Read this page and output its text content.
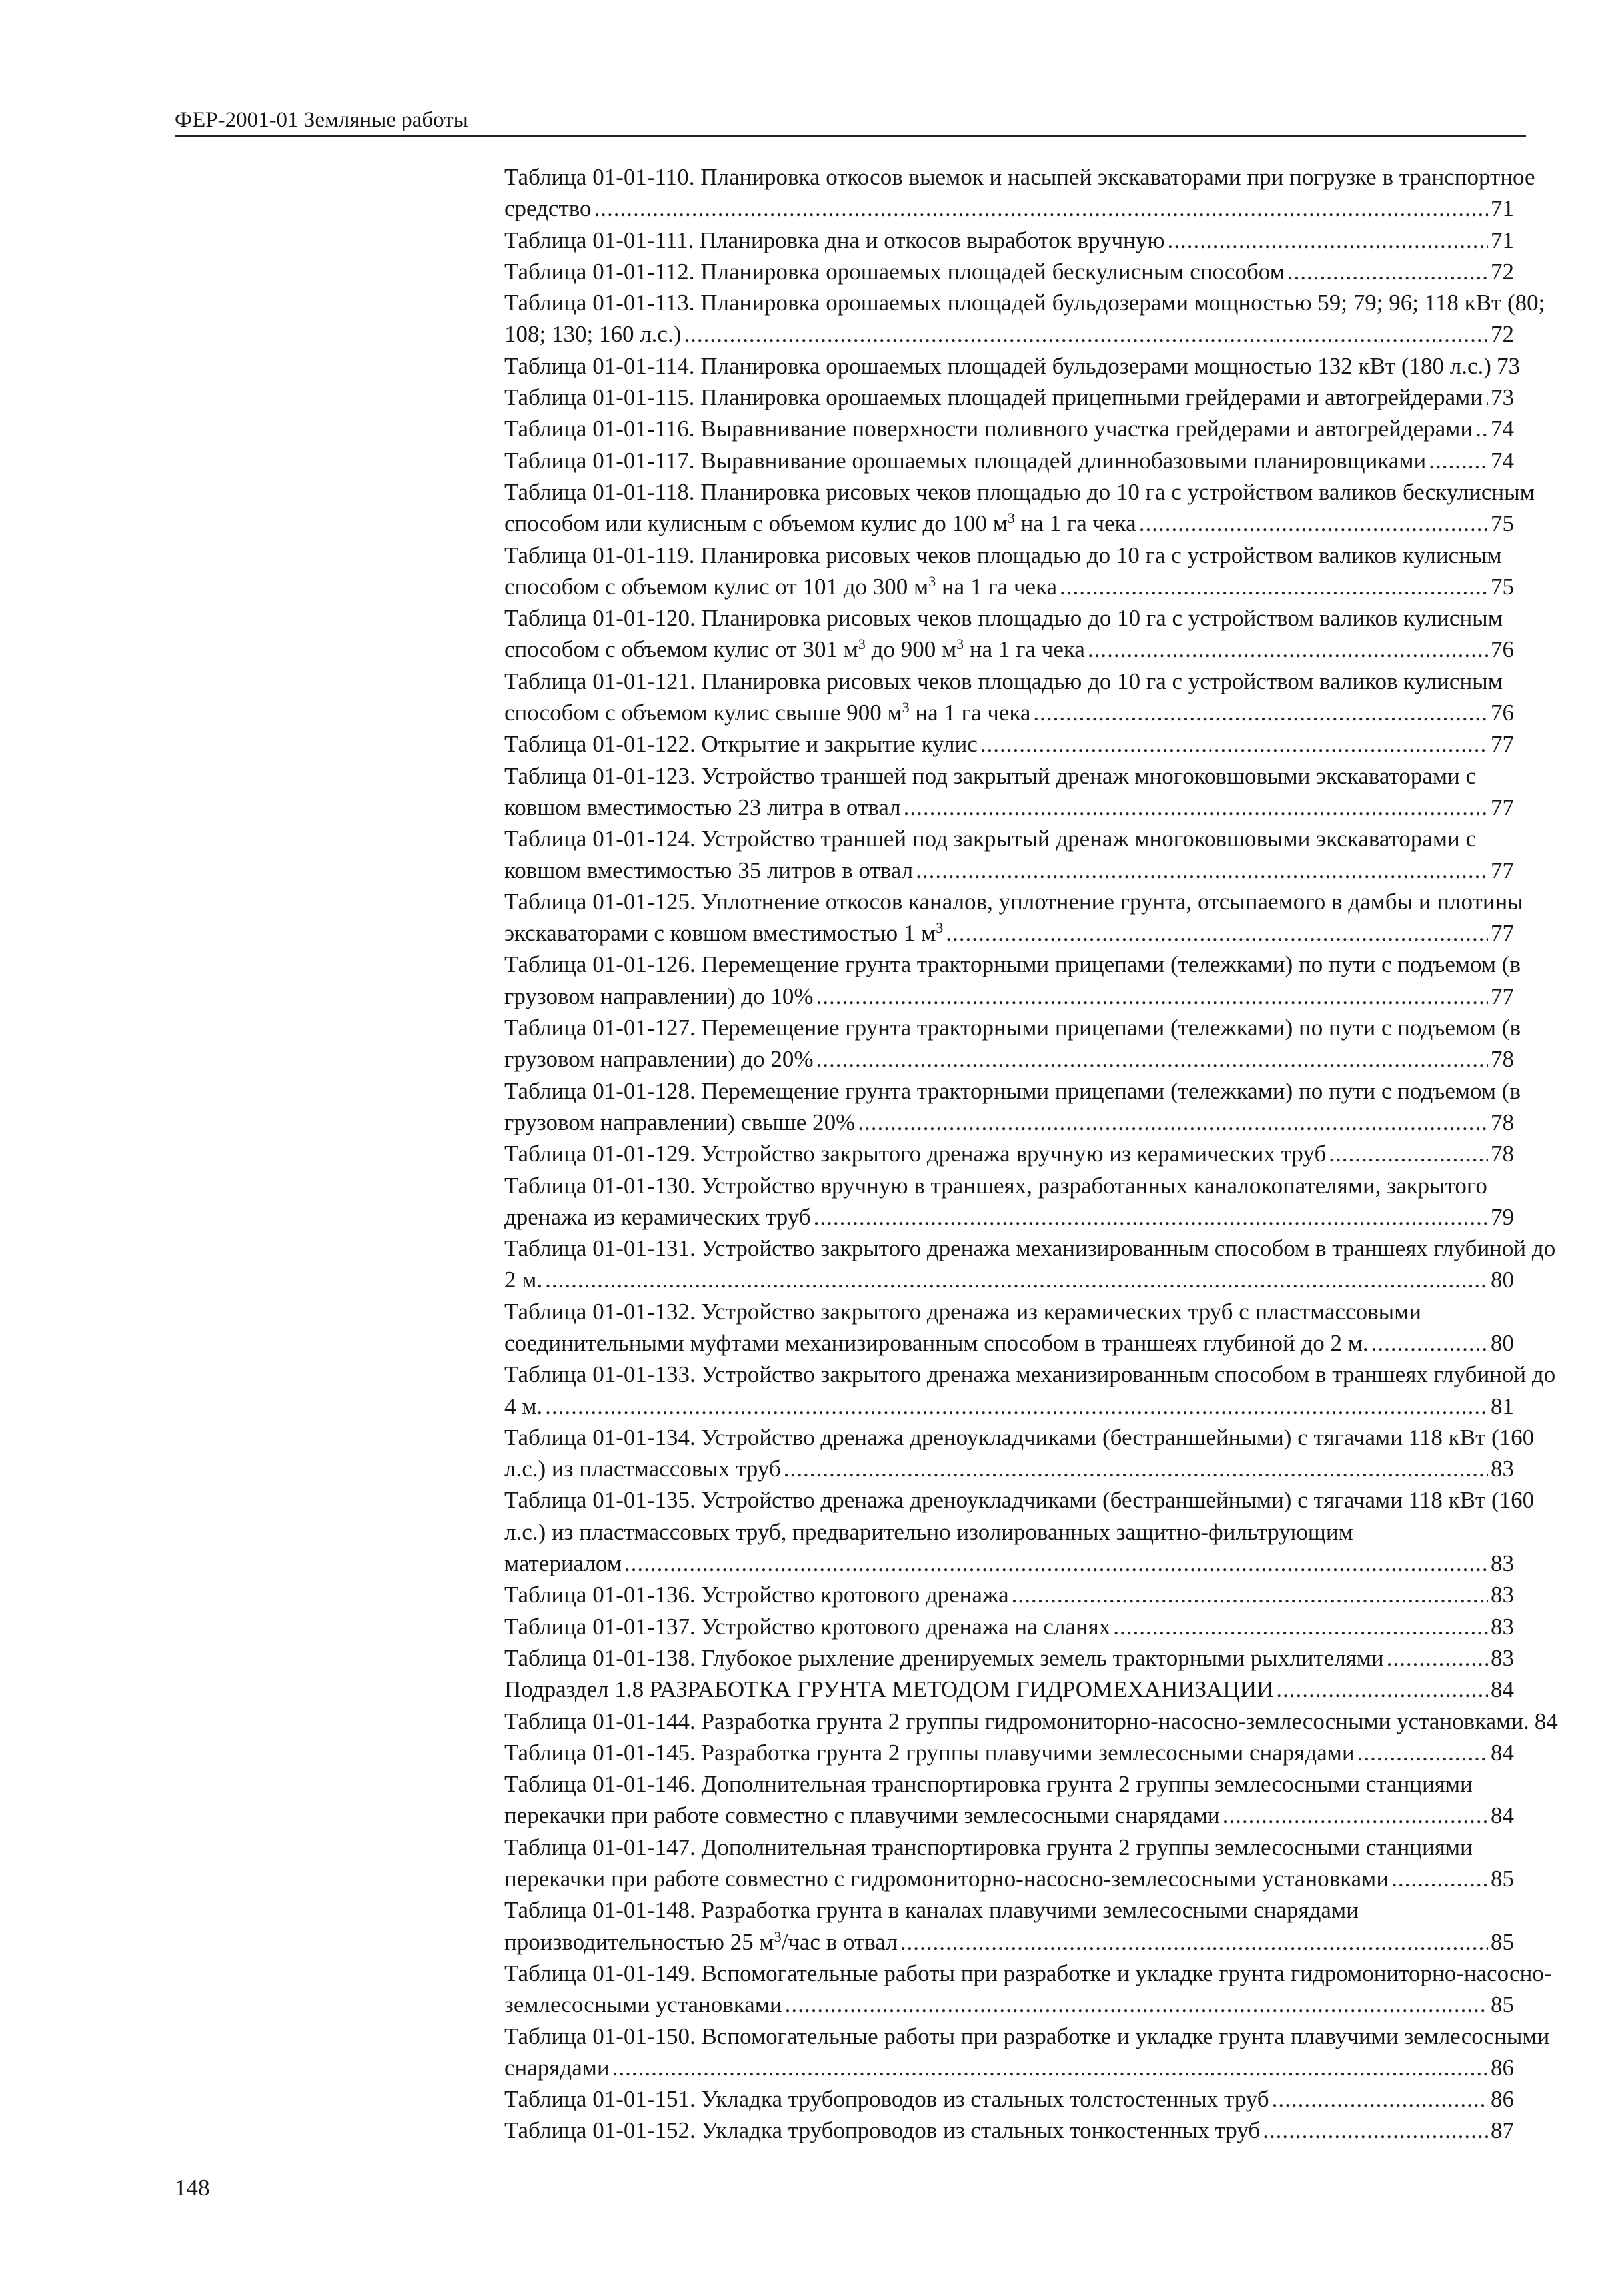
ФЕР-2001-01 Земляные работы
Таблица 01-01-110. Планировка откосов выемок и насыпей экскаваторами при погрузке в транспортное
средство .....	71
Таблица 01-01-111. Планировка дна и откосов выработок вручную .....	71
Таблица 01-01-112. Планировка орошаемых площадей бескулисным способом .....	72
Таблица 01-01-113. Планировка орошаемых площадей бульдозерами мощностью 59; 79; 96; 118 кВт (80;
108; 130; 160 л.с.) .....	72
Таблица 01-01-114. Планировка орошаемых площадей бульдозерами мощностью 132 кВт (180 л.с.) 73
Таблица 01-01-115. Планировка орошаемых площадей прицепными грейдерами и автогрейдерами ..... 73
Таблица 01-01-116. Выравнивание поверхности поливного участка грейдерами и автогрейдерами ..... 74
Таблица 01-01-117. Выравнивание орошаемых площадей длиннобазовыми планировщиками .....	74
Таблица 01-01-118. Планировка рисовых чеков площадью до 10 га с устройством валиков бескулисным
способом или кулисным с объемом кулис до 100 $м^3$ на 1 га чека .....	75
Таблица 01-01-119. Планировка рисовых чеков площадью до 10 га с устройством валиков кулисным
способом с объемом кулис от 101 до 300 $м^3$ на 1 га чека .....	75
Таблица 01-01-120. Планировка рисовых чеков площадью до 10 га с устройством валиков кулисным
способом с объемом кулис от 301 $м^3$ до 900 $м^3$ на 1 га чека .....	76
Таблица 01-01-121. Планировка рисовых чеков площадью до 10 га с устройством валиков кулисным
способом с объемом кулис свыше 900 $м^3$ на 1 га чека .....	76
Таблица 01-01-122. Открытие и закрытие кулис .....	77
Таблица 01-01-123. Устройство траншей под закрытый дренаж многоковшовыми экскаваторами с
ковшом вместимостью 23 литра в отвал .....	77
Таблица 01-01-124. Устройство траншей под закрытый дренаж многоковшовыми экскаваторами с
ковшом вместимостью 35 литров в отвал .....	77
Таблица 01-01-125. Уплотнение откосов каналов, уплотнение грунта, отсыпаемого в дамбы и плотины
экскаваторами с ковшом вместимостью 1 $м^3$ .....	77
Таблица 01-01-126. Перемещение грунта тракторными прицепами (тележками) по пути с подъемом (в
грузовом направлении) до 10% .....	77
Таблица 01-01-127. Перемещение грунта тракторными прицепами (тележками) по пути с подъемом (в
грузовом направлении) до 20% .....	78
Таблица 01-01-128. Перемещение грунта тракторными прицепами (тележками) по пути с подъемом (в
грузовом направлении) свыше 20% .....	78
Таблица 01-01-129. Устройство закрытого дренажа вручную из керамических труб .....	78
Таблица 01-01-130. Устройство вручную в траншеях, разработанных каналокопателями, закрытого
дренажа из керамических труб .....	79
Таблица 01-01-131. Устройство закрытого дренажа механизированным способом в траншеях глубиной до
2 м. .....	80
Таблица 01-01-132. Устройство закрытого дренажа из керамических труб с пластмассовыми
соединительными муфтами механизированным способом в траншеях глубиной до 2 м. .....	80
Таблица 01-01-133. Устройство закрытого дренажа механизированным способом в траншеях глубиной до
4 м. .....	81
Таблица 01-01-134. Устройство дренажа дреноукладчиками (бестраншейными) с тягачами 118 кВт (160
л.с.) из пластмассовых труб .....	83
Таблица 01-01-135. Устройство дренажа дреноукладчиками (бестраншейными) с тягачами 118 кВт (160
л.с.) из пластмассовых труб, предварительно изолированных защитно-фильтрующим
материалом .....	83
Таблица 01-01-136. Устройство кротового дренажа .....	83
Таблица 01-01-137. Устройство кротового дренажа на сланях .....	83
Таблица 01-01-138. Глубокое рыхление дренируемых земель тракторными рыхлителями .....	83
Подраздел 1.8 РАЗРАБОТКА ГРУНТА МЕТОДОМ ГИДРОМЕХАНИЗАЦИИ .....	84
Таблица 01-01-144. Разработка грунта 2 группы гидромониторно-насосно-землесосными установками. 84
Таблица 01-01-145. Разработка грунта 2 группы плавучими землесосными снарядами .....	84
Таблица 01-01-146. Дополнительная транспортировка грунта 2 группы землесосными станциями
перекачки при работе совместно с плавучими землесосными снарядами .....	84
Таблица 01-01-147. Дополнительная транспортировка грунта 2 группы землесосными станциями
перекачки при работе совместно с гидромониторно-насосно-землесосными установками .....	85
Таблица 01-01-148. Разработка грунта в каналах плавучими землесосными снарядами
производительностью 25 $м^3$/час в отвал .....	85
Таблица 01-01-149. Вспомогательные работы при разработке и укладке грунта гидромониторно-насосно-
землесосными установками .....	85
Таблица 01-01-150. Вспомогательные работы при разработке и укладке грунта плавучими землесосными
снарядами .....	86
Таблица 01-01-151. Укладка трубопроводов из стальных толстостенных труб .....	86
Таблица 01-01-152. Укладка трубопроводов из стальных тонкостенных труб .....	87
148
